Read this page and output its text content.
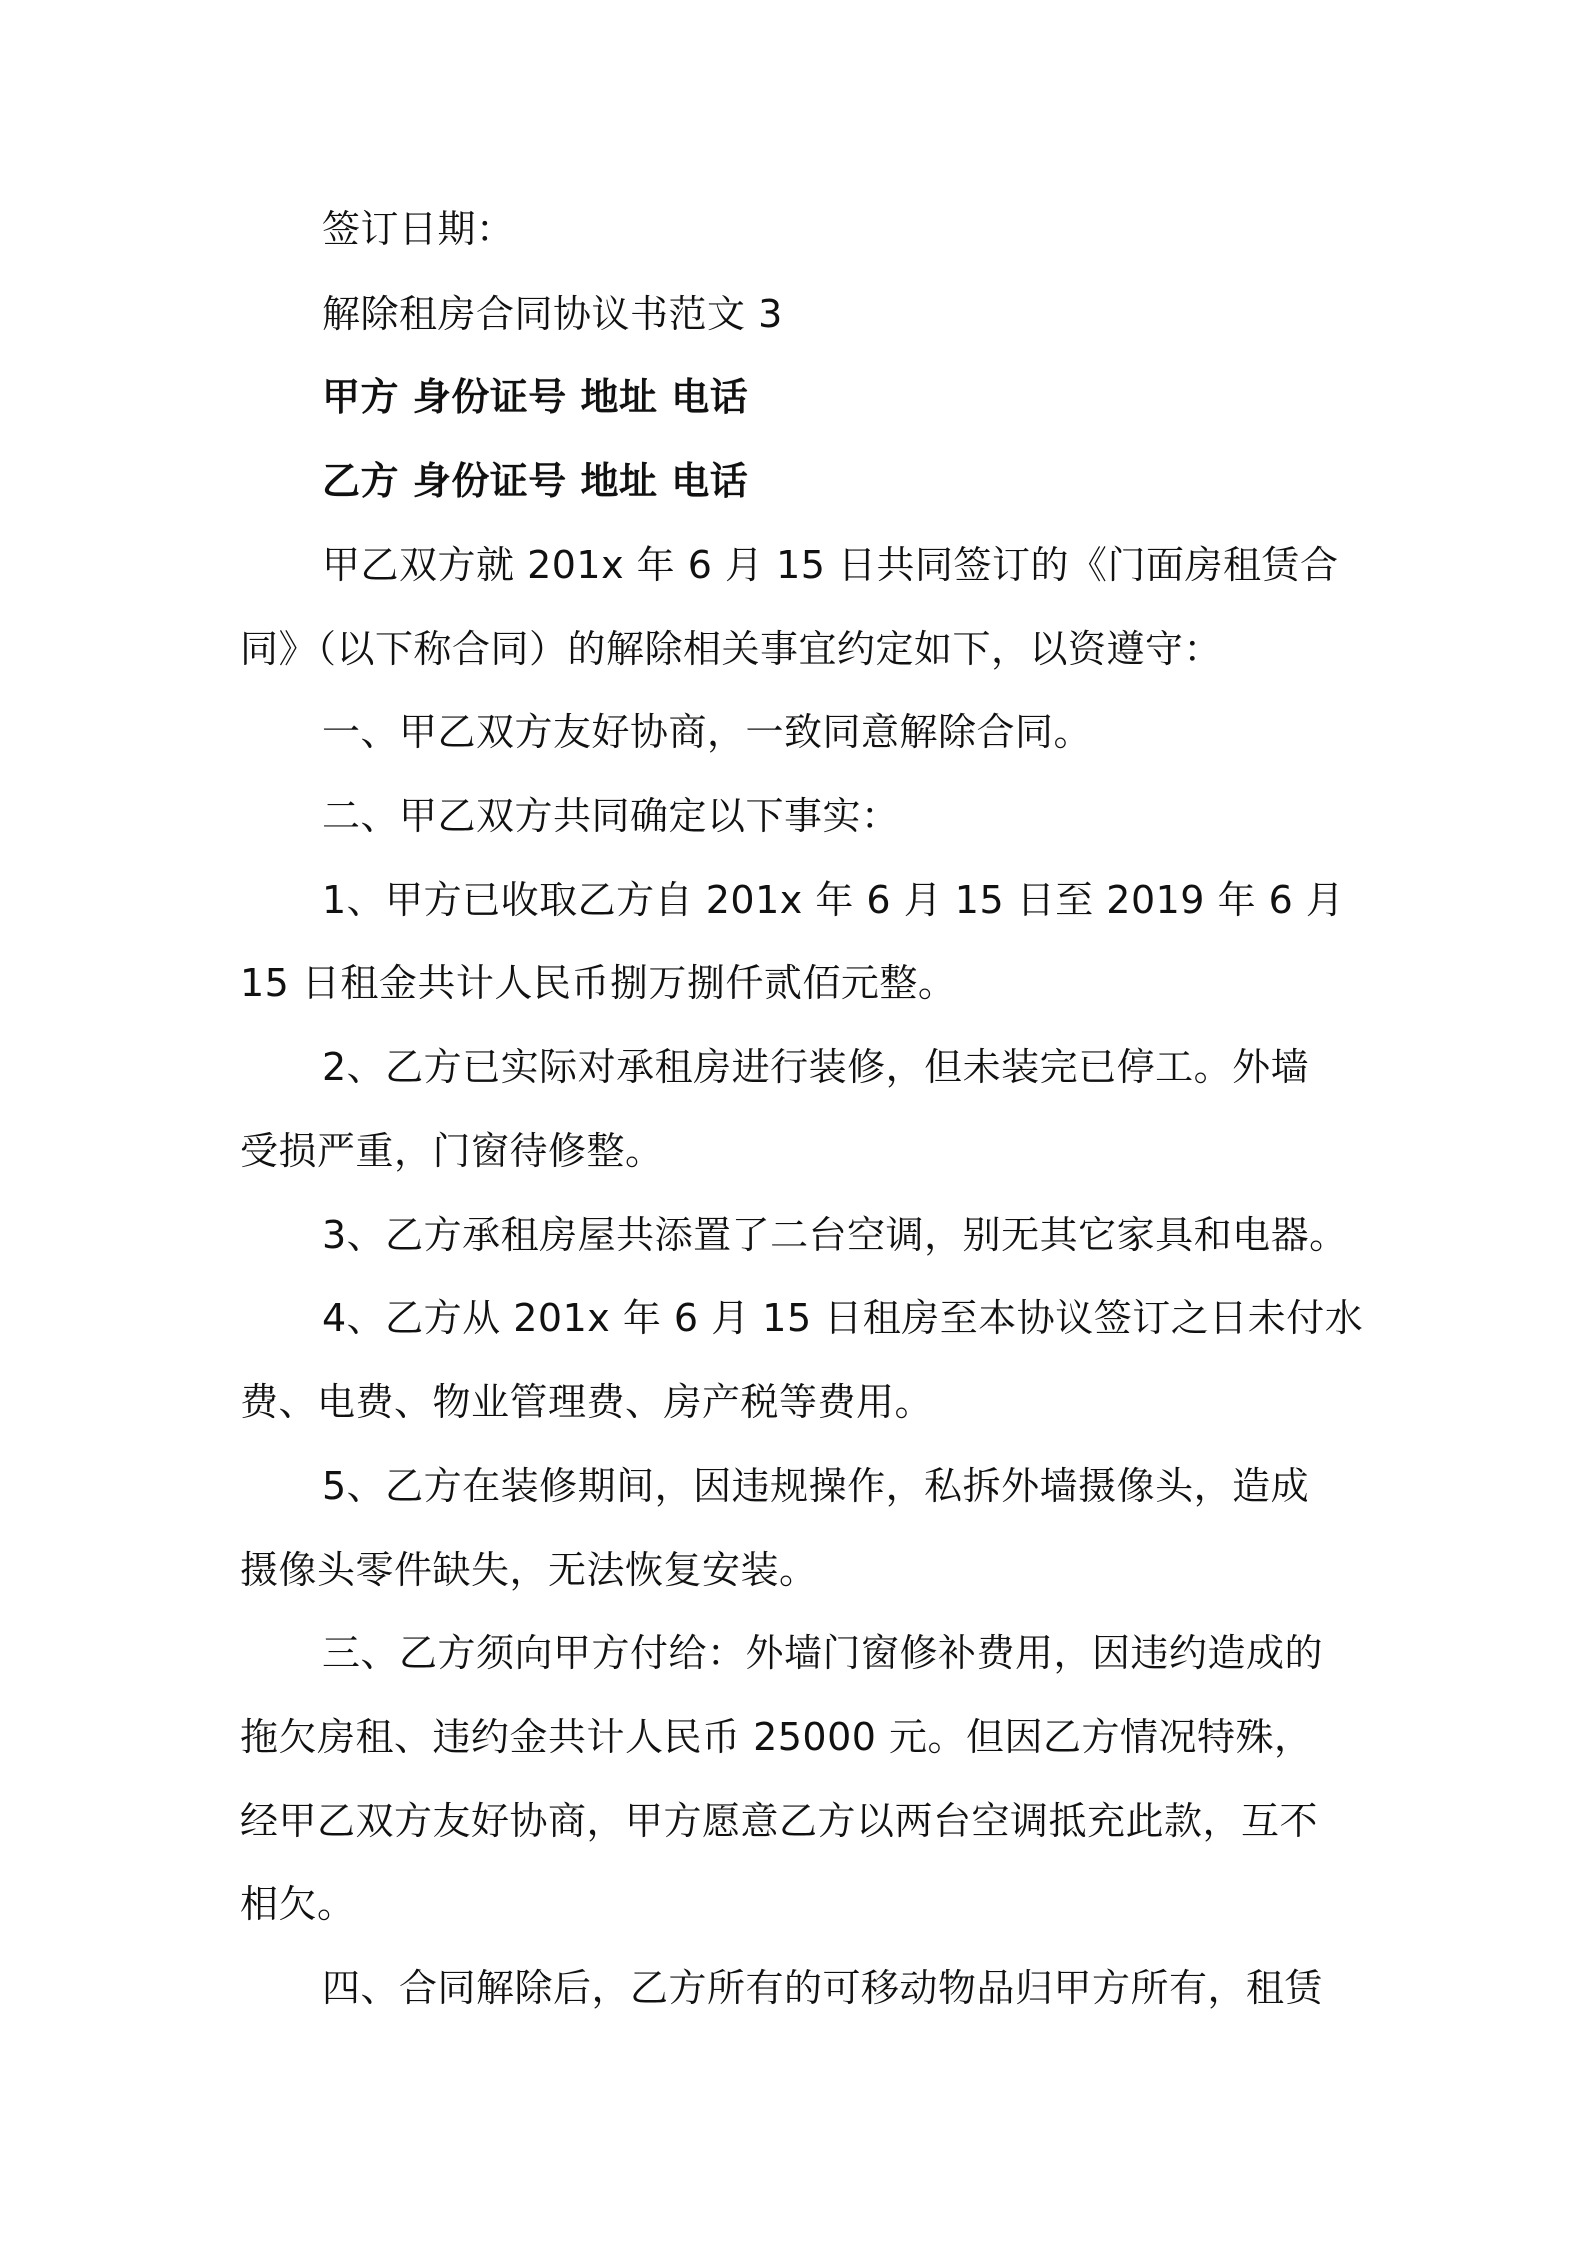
签订日期：
解除租房合同协议书范文 3
甲方 身份证号 地址 电话
乙方 身份证号 地址 电话
甲乙双方就 201x 年 6 月 15 日共同签订的《门面房租赁合
同》（以下称合同）的解除相关事宜约定如下，以资遵守：
一、甲乙双方友好协商，一致同意解除合同。
二、甲乙双方共同确定以下事实：
1、甲方已收取乙方自 201x 年 6 月 15 日至 2019 年 6 月
15 日租金共计人民币捌万捌仟贰佰元整。
2、乙方已实际对承租房进行装修，但未装完已停工。外墙
受损严重，门窗待修整。
3、乙方承租房屋共添置了二台空调，别无其它家具和电器。
4、乙方从 201x 年 6 月 15 日租房至本协议签订之日未付水
费、电费、物业管理费、房产税等费用。
5、乙方在装修期间，因违规操作，私拆外墙摄像头，造成
摄像头零件缺失，无法恢复安装。
三、乙方须向甲方付给：外墙门窗修补费用，因违约造成的
拖欠房租、违约金共计人民币 25000 元。但因乙方情况特殊，
经甲乙双方友好协商，甲方愿意乙方以两台空调抵充此款，互不
相欠。
四、合同解除后，乙方所有的可移动物品归甲方所有，租赁
